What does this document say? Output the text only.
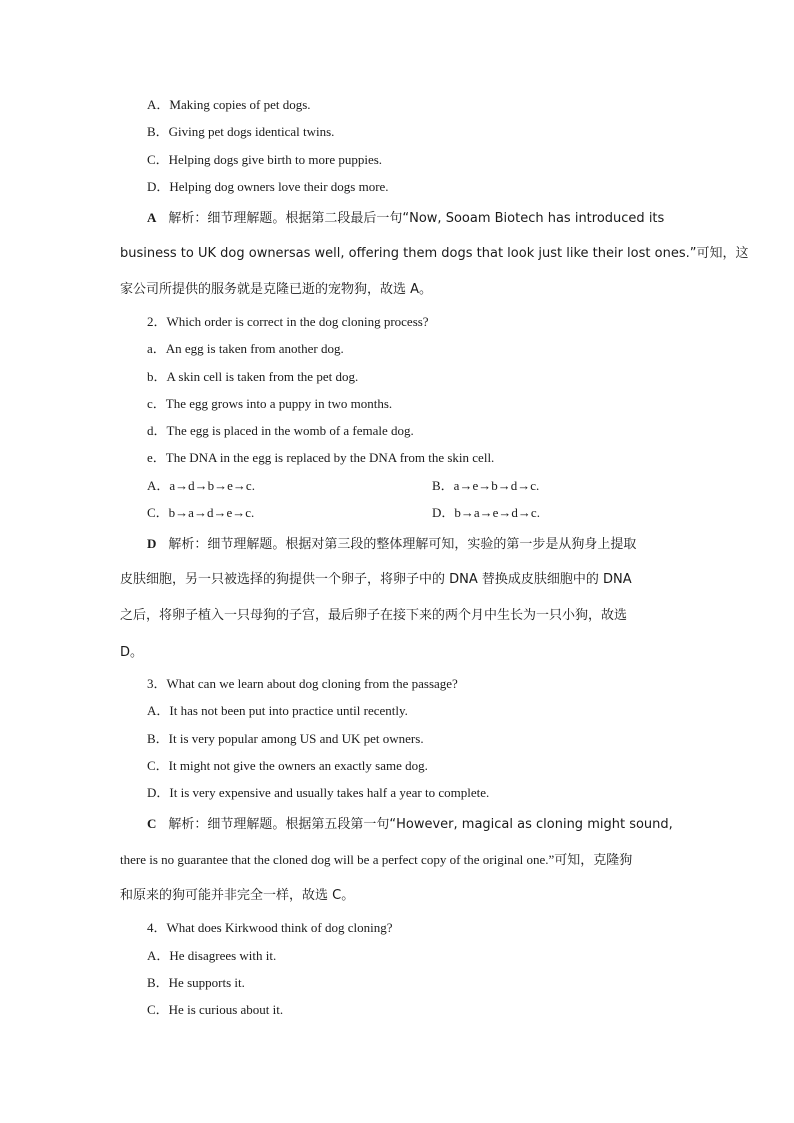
A．Making copies of pet dogs.
B．Giving pet dogs identical twins.
C．Helping dogs give birth to more puppies.
D．Helping dog owners love their dogs more.
A 解析：细节理解题。根据第二段最后一句“Now, Sooam Biotech has introduced its
business to UK dog ownersas well, offering them dogs that look just like their lost ones.”可知，这
家公司所提供的服务就是克隆已逝的宠物狗，故选 A。
2．Which order is correct in the dog cloning process?
a．An egg is taken from another dog.
b．A skin cell is taken from the pet dog.
c．The egg grows into a puppy in two months.
d．The egg is placed in the womb of a female dog.
e．The DNA in the egg is replaced by the DNA from the skin cell.
A．a→d→b→e→c.	B．a→e→b→d→c.
C．b→a→d→e→c.	D．b→a→e→d→c.
D 解析：细节理解题。根据对第三段的整体理解可知，实验的第一步是从狗身上提取
皮肤细胞，另一只被选择的狗提供一个卵子，将卵子中的 DNA 替换成皮肤细胞中的 DNA
之后，将卵子植入一只母狗的子宫，最后卵子在接下来的两个月中生长为一只小狗，故选
D。
3．What can we learn about dog cloning from the passage?
A．It has not been put into practice until recently.
B．It is very popular among US and UK pet owners.
C．It might not give the owners an exactly same dog.
D．It is very expensive and usually takes half a year to complete.
C 解析：细节理解题。根据第五段第一句“However, magical as cloning might sound,
there is no guarantee that the cloned dog will be a perfect copy of the original one.”可知，克隆狗
和原来的狗可能并非完全一样，故选 C。
4．What does Kirkwood think of dog cloning?
A．He disagrees with it.
B．He supports it.
C．He is curious about it.
